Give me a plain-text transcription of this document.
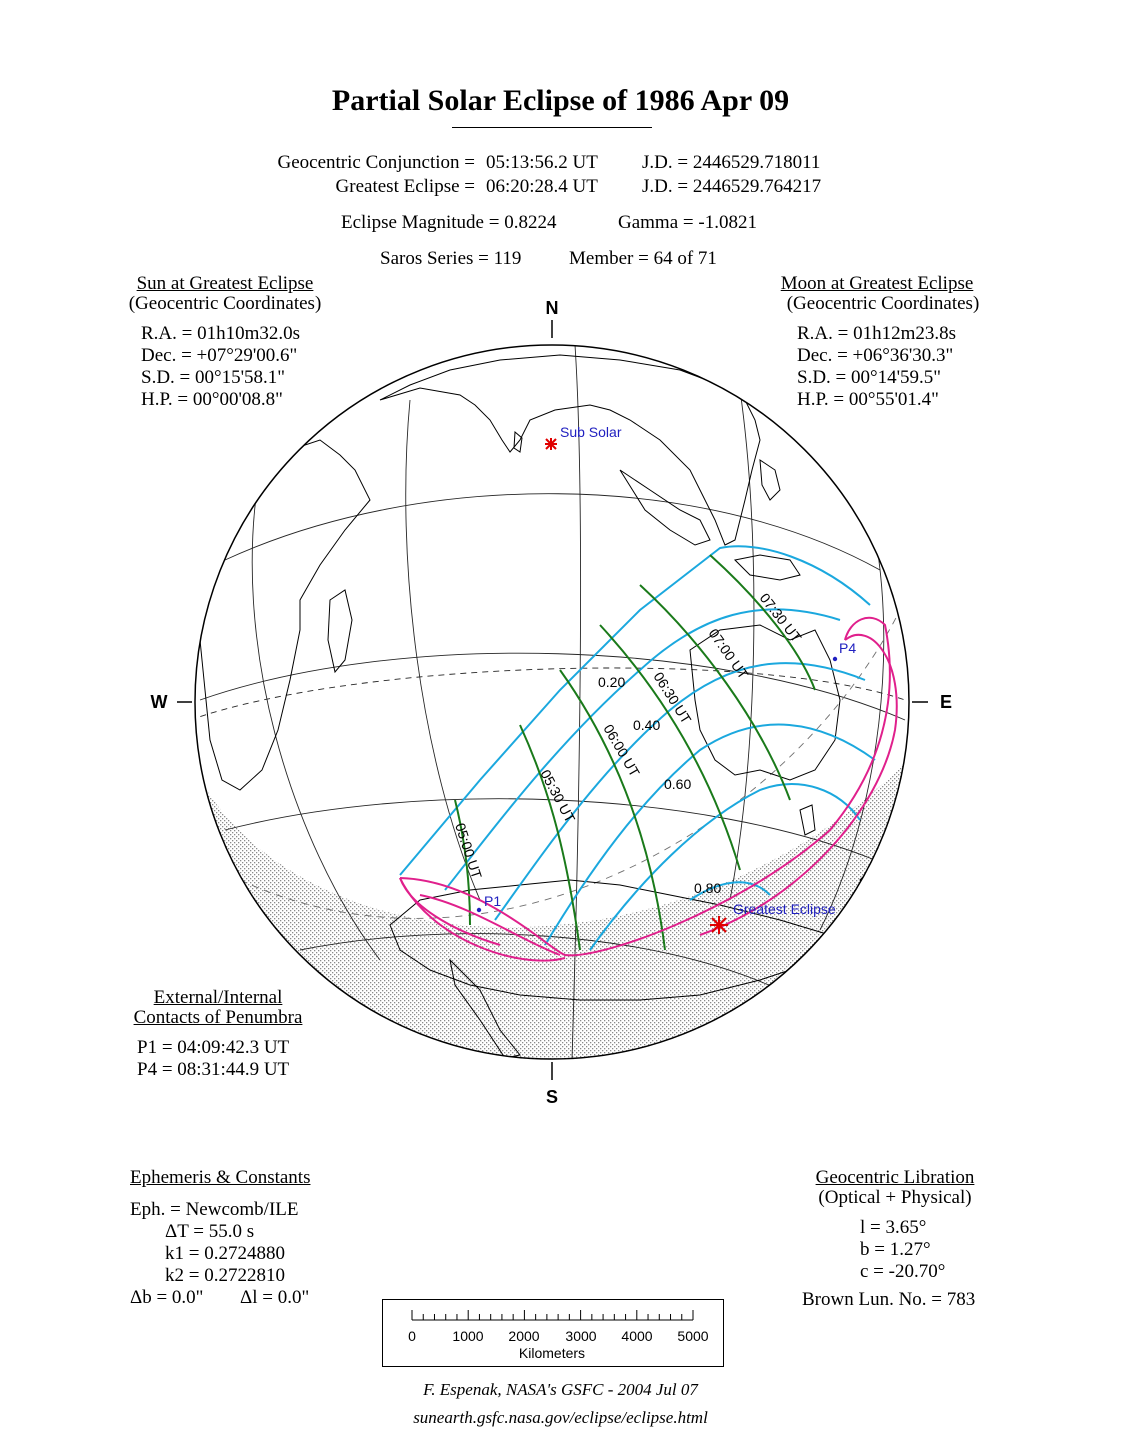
Partial Solar Eclipse of 1986 Apr 09
Geocentric Conjunction = 05:13:56.2 UT J.D. = 2446529.718011
Greatest Eclipse = 06:20:28.4 UT J.D. = 2446529.764217
Eclipse Magnitude = 0.8224	Gamma = -1.0821
Saros Series = 119	Member = 64 of 71
Sun at Greatest Eclipse
(Geocentric Coordinates)
R.A. = 01h10m32.0s
Dec. = +07°29'00.6"
S.D. = 00°15'58.1"
H.P. = 00°00'08.8"
Moon at Greatest Eclipse
(Geocentric Coordinates)
R.A. = 01h12m23.8s
Dec. = +06°36'30.3"
S.D. = 00°14'59.5"
H.P. = 00°55'01.4"
N
S
W	E
Sub Solar
Greatest Eclipse
P1
P4
0.20
0.40
0.60
0.80
05:00 UT
05:30 UT
06:00 UT
06:30 UT
07:00 UT
07:30 UT
External/Internal
Contacts of Penumbra
P1 = 04:09:42.3 UT
P4 = 08:31:44.9 UT
Ephemeris & Constants
Eph. = Newcomb/ILE
ΔT = 55.0 s
k1 = 0.2724880
k2 = 0.2722810
Δb = 0.0" Δl = 0.0"
Geocentric Libration
(Optical + Physical)
l = 3.65°
b = 1.27°
c = -20.70°
Brown Lun. No. = 783
0	1000 2000 3000 4000 5000
Kilometers
F. Espenak, NASA's GSFC - 2004 Jul 07
sunearth.gsfc.nasa.gov/eclipse/eclipse.html
